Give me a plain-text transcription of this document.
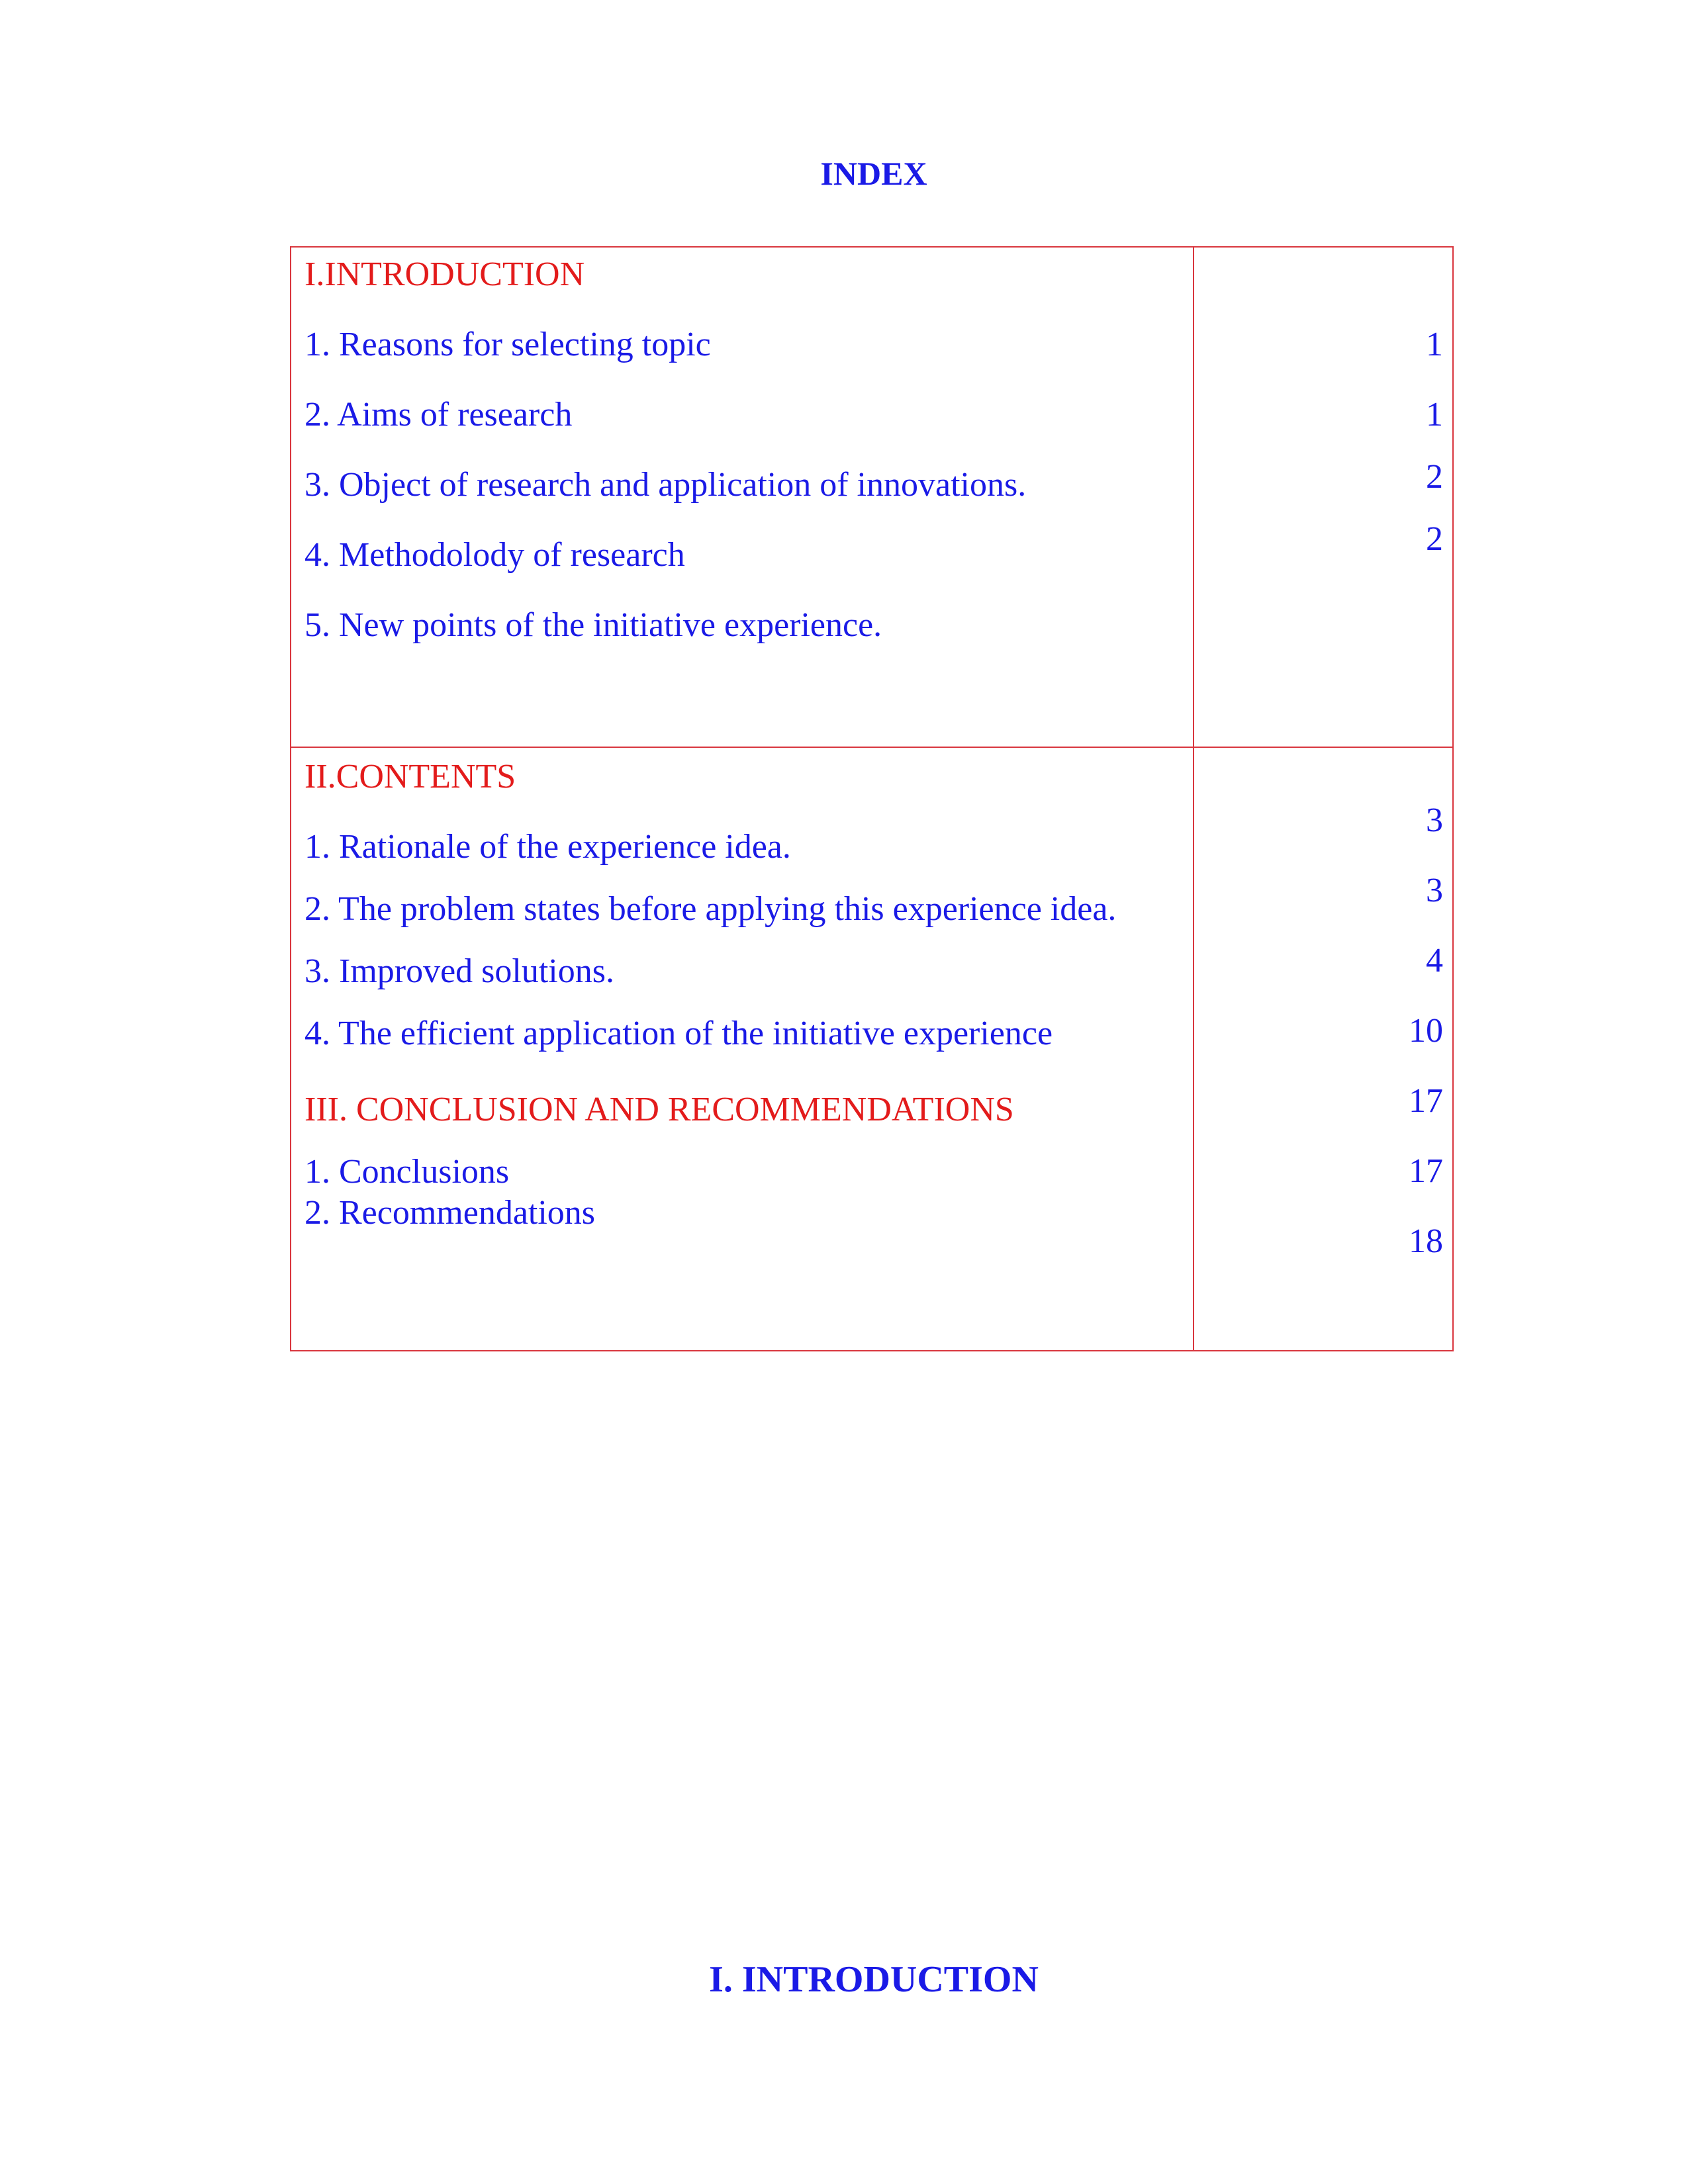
INDEX
I.INTRODUCTION
1. Reasons for selecting topic
2. Aims of research
3. Object of research and application of innovations.
4. Methodolody of research
5. New points of the initiative experience.
1
1
2
2
II.CONTENTS
1. Rationale of the experience idea.
2. The problem states before applying this experience idea.
3. Improved solutions.
4. The efficient application of the initiative experience
3
3
4
10
III. CONCLUSION AND RECOMMENDATIONS
1. Conclusions
2. Recommendations
17
17
18
I. INTRODUCTION
